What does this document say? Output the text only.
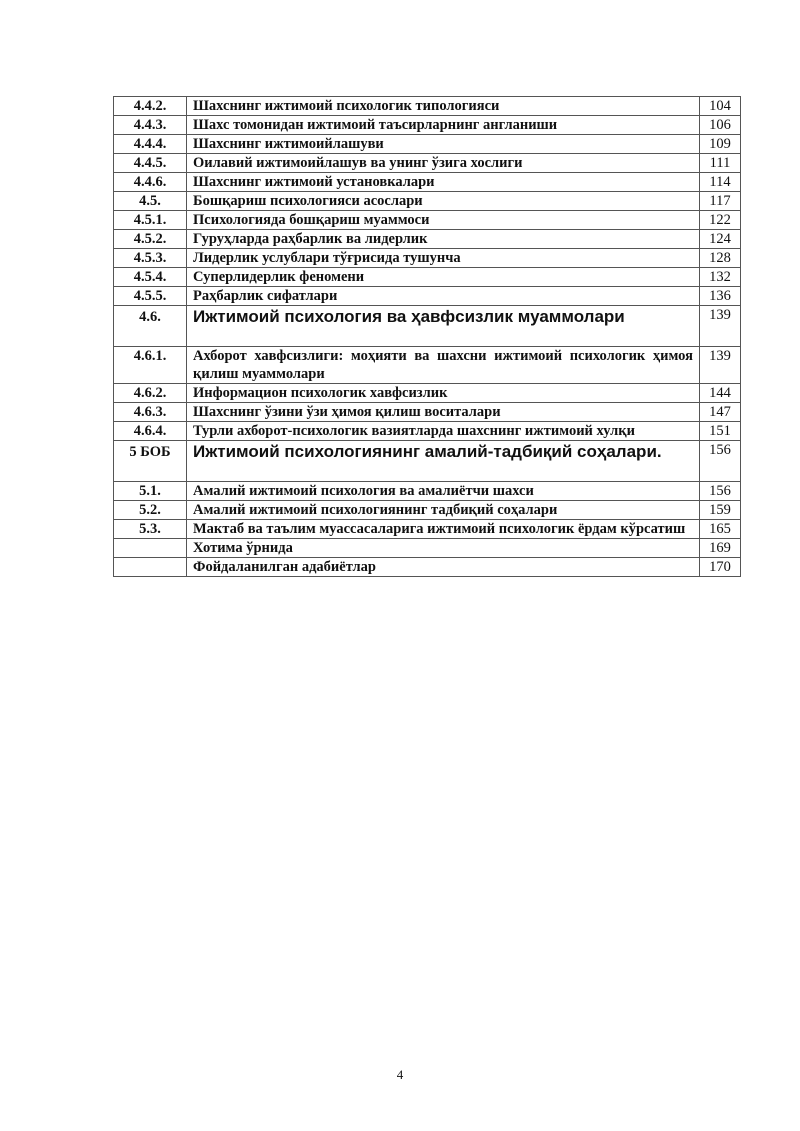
4.4.2.	Шахснинг ижтимоий психологик типологияси	104
4.4.3.	Шахс томонидан ижтимоий таъсирларнинг англаниши	106
4.4.4.	Шахснинг ижтимоийлашуви	109
4.4.5.	Оилавий ижтимоийлашув ва унинг ўзига хослиги	111
4.4.6.	Шахснинг ижтимоий установкалари	114
4.5.	Бошқариш психологияси асослари	117
4.5.1.	Психологияда бошқариш муаммоси	122
4.5.2.	Гуруҳларда раҳбарлик ва лидерлик	124
4.5.3.	Лидерлик услублари тўғрисида тушунча	128
4.5.4.	Суперлидерлик феномени	132
4.5.5.	Раҳбарлик сифатлари	136
4.6.	Ижтимоий психология ва ҳавфсизлик муаммолари	139
4.6.1.	Ахборот хавфсизлиги: моҳияти ва шахсни ижтимоий психологик ҳимоя қилиш муаммолари	139
4.6.2.	Информацион психологик хавфсизлик	144
4.6.3.	Шахснинг ўзини ўзи ҳимоя қилиш воситалари	147
4.6.4.	Турли ахборот-психологик вазиятларда шахснинг ижтимоий хулқи	151
5 БОБ	Ижтимоий психологиянинг амалий-тадбиқий соҳалари.	156
5.1.	Амалий ижтимоий психология ва амалиётчи шахси	156
5.2.	Амалий ижтимоий психологиянинг тадбиқий соҳалари	159
5.3.	Мактаб ва таълим муассасаларига ижтимоий психологик ёрдам кўрсатиш	165
	Хотима ўрнида	169
	Фойдаланилган адабиётлар	170
4
